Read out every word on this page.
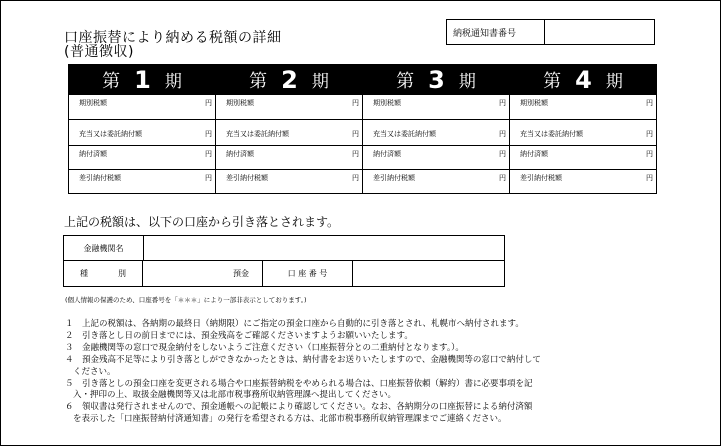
口座振替により納める税額の詳細
(普通徴収)
納税通知書番号
第 1 期
期別税額	円
充当又は委託納付額	円
納付済額	円
差引納付税額	円
第 2 期
期別税額	円
充当又は委託納付額	円
納付済額	円
差引納付税額	円
第 3 期
期別税額	円
充当又は委託納付額	円
納付済額	円
差引納付税額	円
第 4 期
期別税額	円
充当又は委託納付額	円
納付済額	円
差引納付税額	円
上記の税額は、以下の口座から引き落とされます。
金融機関名
種	別	預金	口 座 番 号
(個人情報の保護のため、口座番号を「＊＊＊」により一部非表示としております。)
１　上記の税額は、各納期の最終日（納期限）にご指定の預金口座から自動的に引き落とされ、札幌市へ納付されます。
２　引き落とし日の前日までには、預金残高をご確認くださいますようお願いいたします。
３　金融機関等の窓口で現金納付をしないようご注意ください（口座振替分との二重納付となります。）。
４　預金残高不足等により引き落としができなかったときは、納付書をお送りいたしますので、金融機関等の窓口で納付して
ください。
５　引き落としの預金口座を変更される場合や口座振替納税をやめられる場合は、口座振替依頼（解約）書に必要事項を記
入・押印の上、取扱金融機関等又は北部市税事務所収納管理課へ提出してください。
６　領収書は発行されませんので、預金通帳への記帳により確認してください。なお、各納期分の口座振替による納付済額
を表示した「口座振替納付済通知書」の発行を希望される方は、北部市税事務所収納管理課までご連絡ください。
